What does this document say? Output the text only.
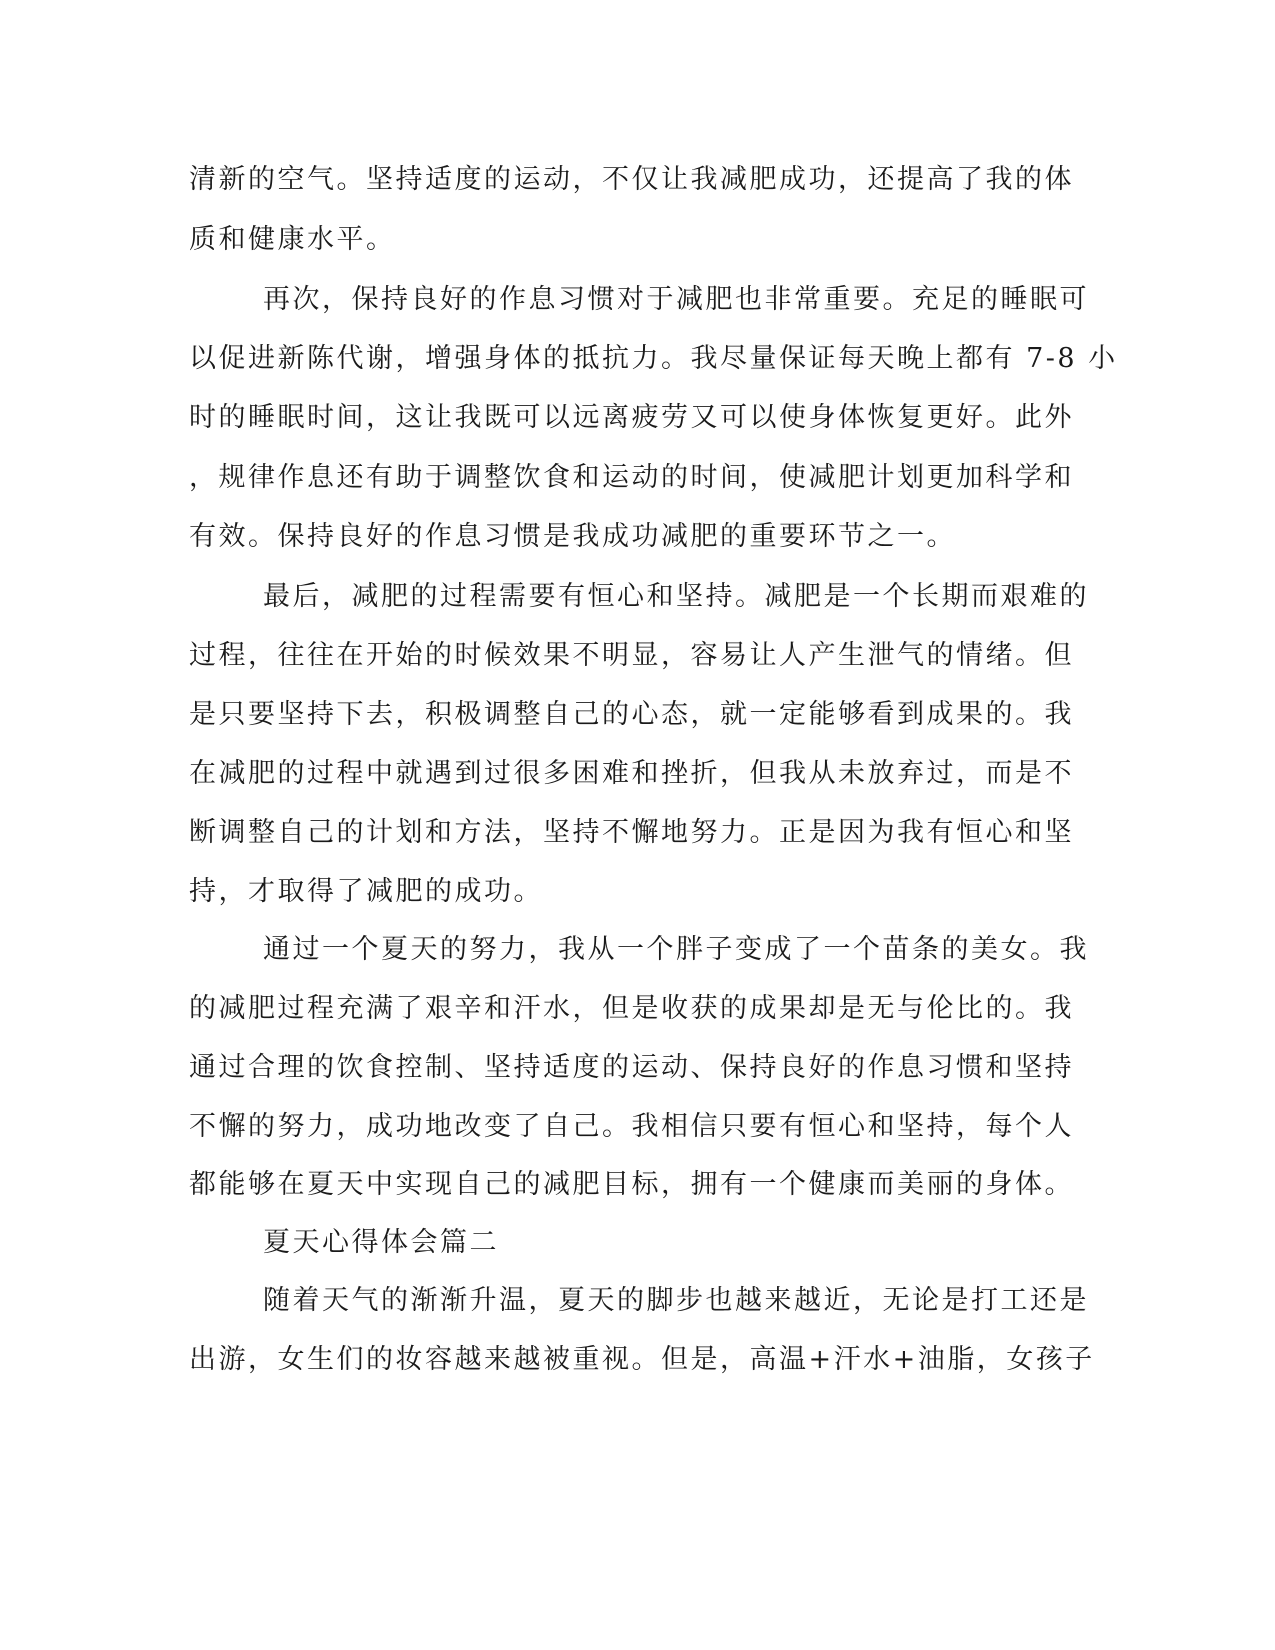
清新的空气。坚持适度的运动，不仅让我减肥成功，还提高了我的体

质和健康水平。

再次，保持良好的作息习惯对于减肥也非常重要。充足的睡眠可

以促进新陈代谢，增强身体的抵抗力。我尽量保证每天晚上都有 7-8 小

时的睡眠时间，这让我既可以远离疲劳又可以使身体恢复更好。此外

，规律作息还有助于调整饮食和运动的时间，使减肥计划更加科学和

有效。保持良好的作息习惯是我成功减肥的重要环节之一。

最后，减肥的过程需要有恒心和坚持。减肥是一个长期而艰难的

过程，往往在开始的时候效果不明显，容易让人产生泄气的情绪。但

是只要坚持下去，积极调整自己的心态，就一定能够看到成果的。我

在减肥的过程中就遇到过很多困难和挫折，但我从未放弃过，而是不

断调整自己的计划和方法，坚持不懈地努力。正是因为我有恒心和坚

持，才取得了减肥的成功。

通过一个夏天的努力，我从一个胖子变成了一个苗条的美女。我

的减肥过程充满了艰辛和汗水，但是收获的成果却是无与伦比的。我

通过合理的饮食控制、坚持适度的运动、保持良好的作息习惯和坚持

不懈的努力，成功地改变了自己。我相信只要有恒心和坚持，每个人

都能够在夏天中实现自己的减肥目标，拥有一个健康而美丽的身体。

夏天心得体会篇二

随着天气的渐渐升温，夏天的脚步也越来越近，无论是打工还是

出游，女生们的妆容越来越被重视。但是，高温+汗水+油脂，女孩子
